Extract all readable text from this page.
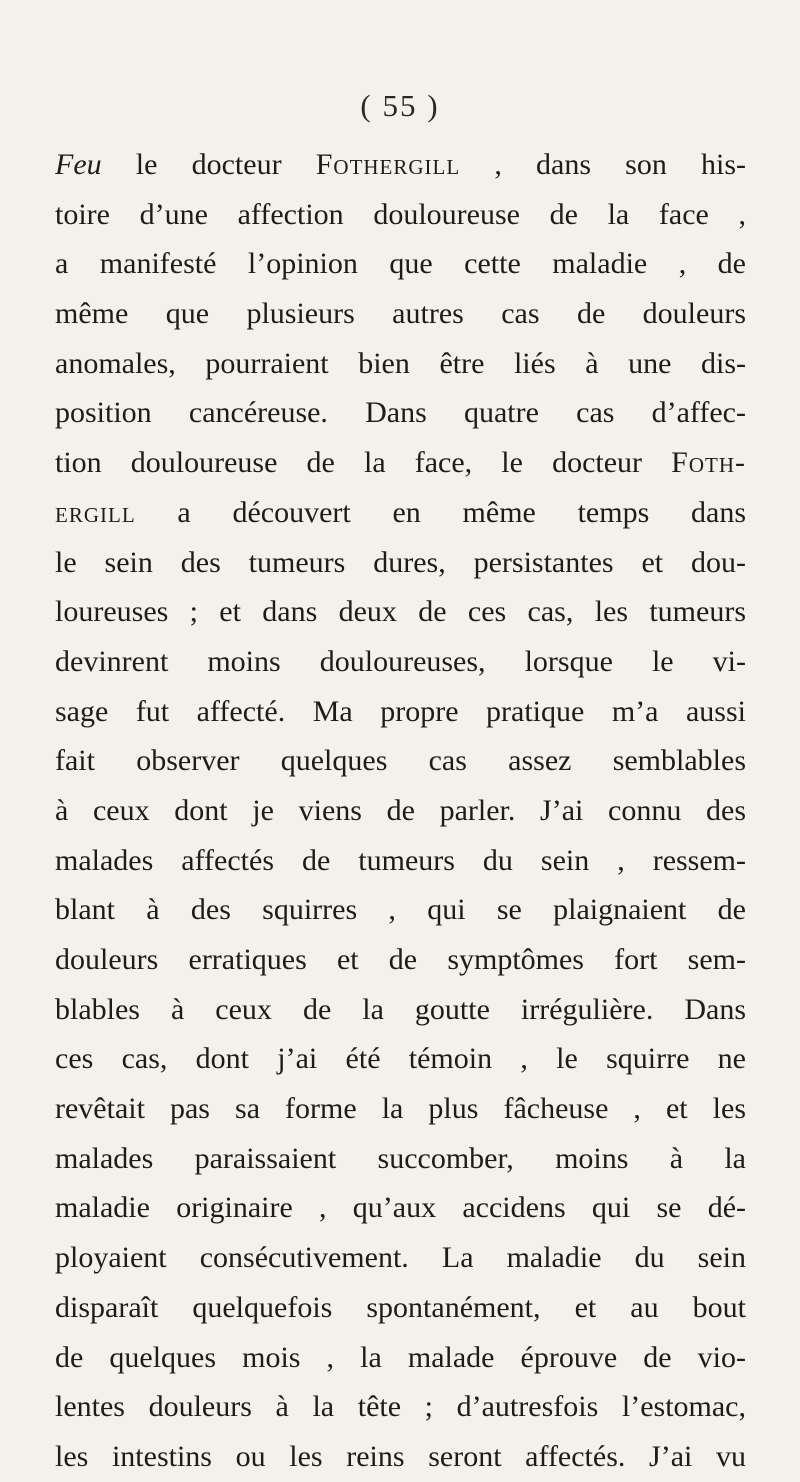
( 55 )
Feu le docteur Fothergill , dans son his-
toire d’une affection douloureuse de la face ,
a manifesté l’opinion que cette maladie , de
même que plusieurs autres cas de douleurs
anomales, pourraient bien être liés à une dis-
position cancéreuse. Dans quatre cas d’affec-
tion douloureuse de la face, le docteur Foth-
ergill a découvert en même temps dans
le sein des tumeurs dures, persistantes et dou-
loureuses ; et dans deux de ces cas, les tumeurs
devinrent moins douloureuses, lorsque le vi-
sage fut affecté. Ma propre pratique m’a aussi
fait observer quelques cas assez semblables
à ceux dont je viens de parler. J’ai connu des
malades affectés de tumeurs du sein , ressem-
blant à des squirres , qui se plaignaient de
douleurs erratiques et de symptômes fort sem-
blables à ceux de la goutte irrégulière. Dans
ces cas, dont j’ai été témoin , le squirre ne
revêtait pas sa forme la plus fâcheuse , et les
malades paraissaient succomber, moins à la
maladie originaire , qu’aux accidens qui se dé-
ployaient consécutivement. La maladie du sein
disparaît quelquefois spontanément, et au bout
de quelques mois , la malade éprouve de vio-
lentes douleurs à la tête ; d’autresfois l’estomac,
les intestins ou les reins seront affectés. J’ai vu
